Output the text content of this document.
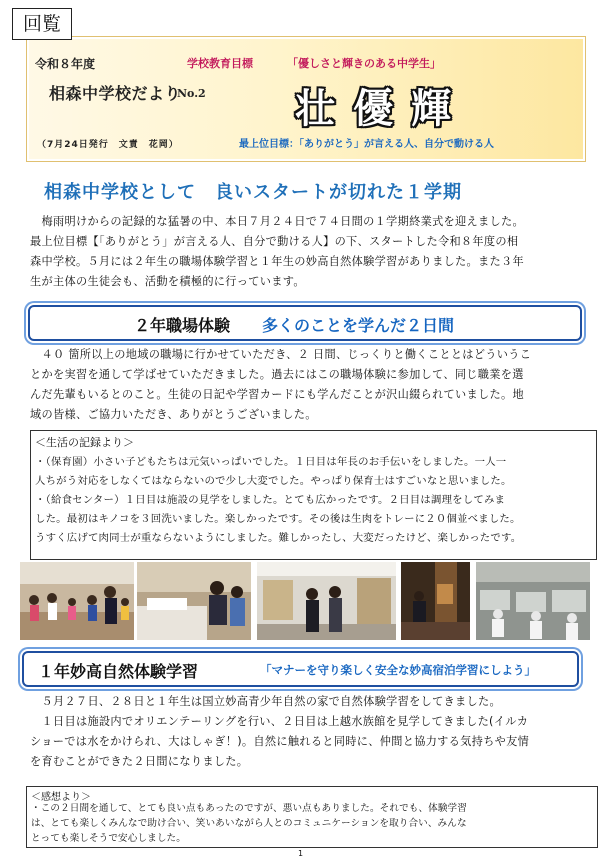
回覧
令和８年度
相森中学校だより
No.2
（7月24日発行　文責　花岡）
学校教育目標	「優しさと輝きのある中学生」
壮優輝
最上位目標：「ありがとう」が言える人、自分で動ける人
相森中学校として　良いスタートが切れた１学期
　梅雨明けからの記録的な猛暑の中、本日７月２４日で７４日間の１学期終業式を迎えました。
最上位目標【「ありがとう」が言える人、自分で動ける人】の下、スタートした令和８年度の相
森中学校。５月には２年生の職場体験学習と１年生の妙高自然体験学習がありました。また３年
生が主体の生徒会も、活動を積極的に行っています。
２年職場体験 多くのことを学んだ２日間
　４０ 箇所以上の地域の職場に行かせていただき、２ 日間、じっくりと働くこととはどういうこ
とかを実習を通して学ばせていただきました。過去にはこの職場体験に参加して、同じ職業を選
んだ先輩もいるとのこと。生徒の日記や学習カードにも学んだことが沢山綴られていました。地
域の皆様、ご協力いただき、ありがとうございました。
＜生活の記録より＞
・（保育園）小さい子どもたちは元気いっぱいでした。１日目は年長のお手伝いをしました。一人一
人ちがう対応をしなくてはならないので少し大変でした。やっぱり保育士はすごいなと思いました。
・（給食センター）１日目は施設の見学をしました。とても広かったです。２日目は調理をしてみま
した。最初はキノコを３回洗いました。楽しかったです。その後は生肉をトレーに２０個並べました。
うすく広げて肉同士が重ならないようにしました。難しかったし、大変だったけど、楽しかったです。
１年妙高自然体験学習	「マナーを守り楽しく安全な妙高宿泊学習にしよう」
　５月２７日、２８日と１年生は国立妙高青少年自然の家で自然体験学習をしてきました。
　１日目は施設内でオリエンテーリングを行い、２日目は上越水族館を見学してきました(イルカ
ショーでは水をかけられ、大はしゃぎ！)。自然に触れると同時に、仲間と協力する気持ちや友情
を育むことができた２日間になりました。
＜感想より＞
・この２日間を通して、とても良い点もあったのですが、悪い点もありました。それでも、体験学習
は、とても楽しくみんなで助け合い、笑いあいながら人とのコミュニケーションを取り合い、みんな
とっても楽しそうで安心しました。
1
